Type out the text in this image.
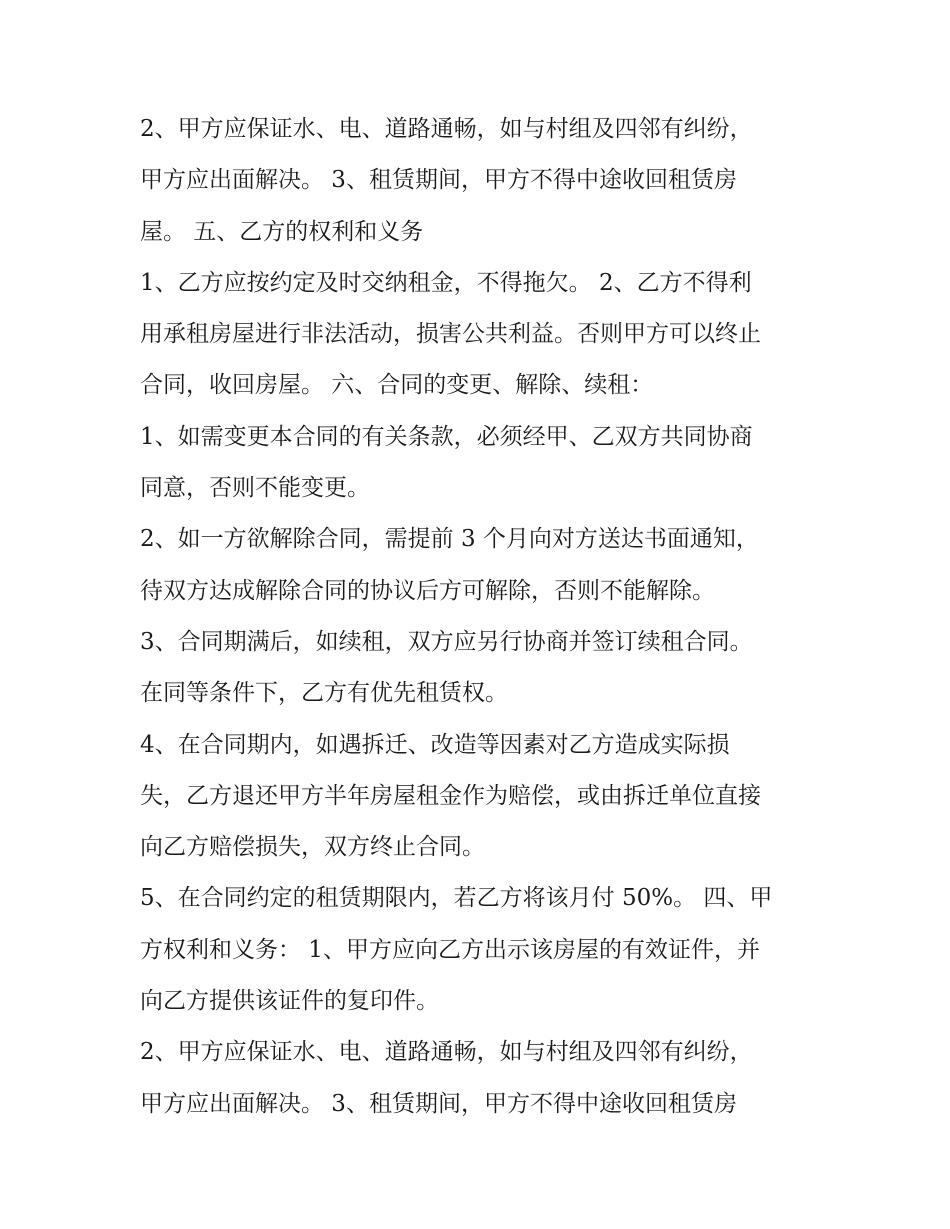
2、甲方应保证水、电、道路通畅，如与村组及四邻有纠纷，
甲方应出面解决。 3、租赁期间，甲方不得中途收回租赁房
屋。 五、乙方的权利和义务
1、乙方应按约定及时交纳租金，不得拖欠。 2、乙方不得利
用承租房屋进行非法活动，损害公共利益。否则甲方可以终止
合同，收回房屋。 六、合同的变更、解除、续租：
1、如需变更本合同的有关条款，必须经甲、乙双方共同协商
同意，否则不能变更。
2、如一方欲解除合同，需提前 3 个月向对方送达书面通知，
待双方达成解除合同的协议后方可解除，否则不能解除。
3、合同期满后，如续租，双方应另行协商并签订续租合同。
在同等条件下，乙方有优先租赁权。
4、在合同期内，如遇拆迁、改造等因素对乙方造成实际损
失，乙方退还甲方半年房屋租金作为赔偿，或由拆迁单位直接
向乙方赔偿损失，双方终止合同。
5、在合同约定的租赁期限内，若乙方将该月付 50%。 四、甲
方权利和义务： 1、甲方应向乙方出示该房屋的有效证件，并
向乙方提供该证件的复印件。
2、甲方应保证水、电、道路通畅，如与村组及四邻有纠纷，
甲方应出面解决。 3、租赁期间，甲方不得中途收回租赁房
